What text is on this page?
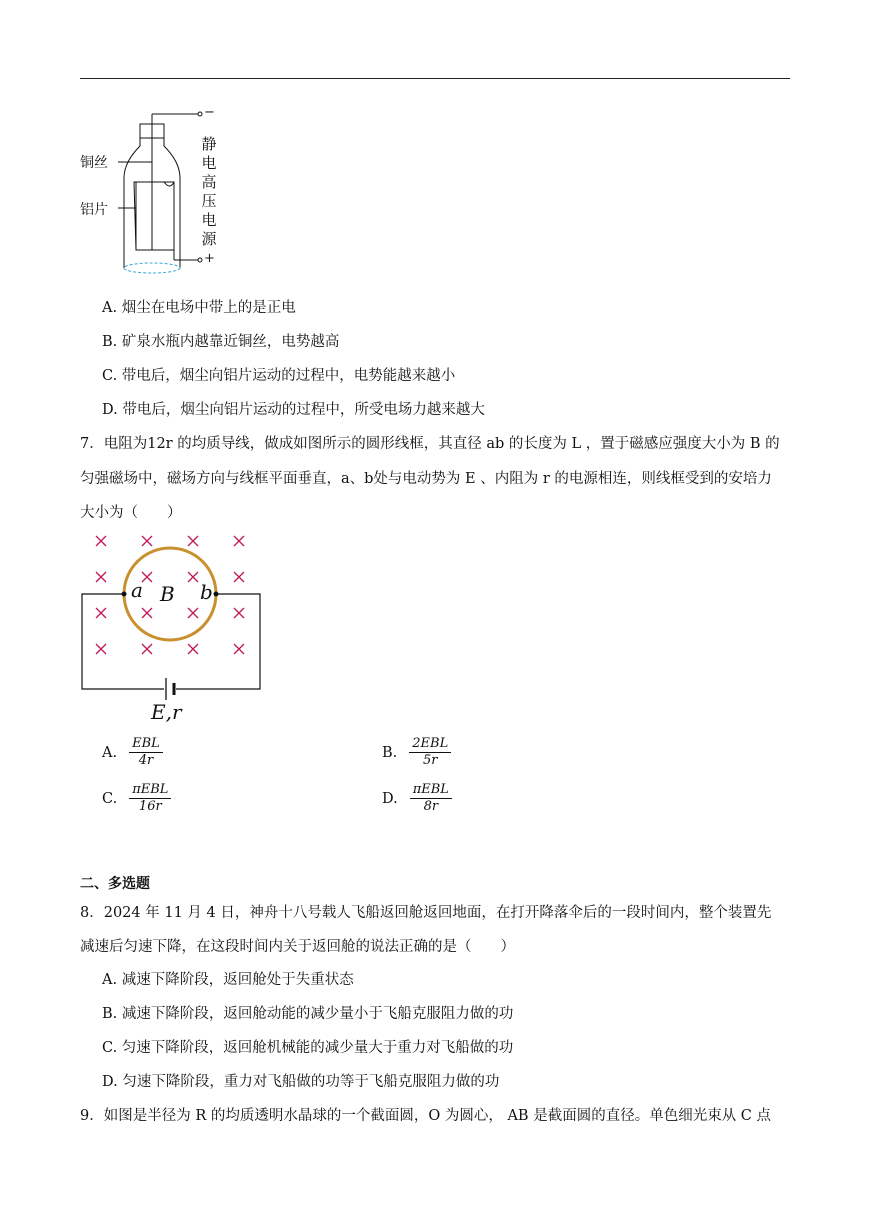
铜丝
铝片
−
+
静
电
高
压
电
源
A. 烟尘在电场中带上的是正电
B. 矿泉水瓶内越靠近铜丝，电势越高
C. 带电后，烟尘向铝片运动的过程中，电势能越来越小
D. 带电后，烟尘向铝片运动的过程中，所受电场力越来越大
7．电阻为12r 的均质导线，做成如图所示的圆形线框，其直径 ab 的长度为 L ，置于磁感应强度大小为 B 的
匀强磁场中，磁场方向与线框平面垂直，a、b处与电动势为 E 、内阻为 r 的电源相连，则线框受到的安培力
大小为（　　）
a B b
E,r
A. $\frac{\text{EBL}}{4r}$	B. $\frac{\text{2EBL}}{5r}$
C. $\frac{\text{πEBL}}{16r}$	D. $\frac{\text{πEBL}}{8r}$
二、多选题
8．2024 年 11 月 4 日，神舟十八号载人飞船返回舱返回地面，在打开降落伞后的一段时间内，整个装置先
减速后匀速下降，在这段时间内关于返回舱的说法正确的是（　　）
A. 减速下降阶段，返回舱处于失重状态
B. 减速下降阶段，返回舱动能的减少量小于飞船克服阻力做的功
C. 匀速下降阶段，返回舱机械能的减少量大于重力对飞船做的功
D. 匀速下降阶段，重力对飞船做的功等于飞船克服阻力做的功
9．如图是半径为 R 的均质透明水晶球的一个截面圆，O 为圆心， AB 是截面圆的直径。单色细光束从 C 点
